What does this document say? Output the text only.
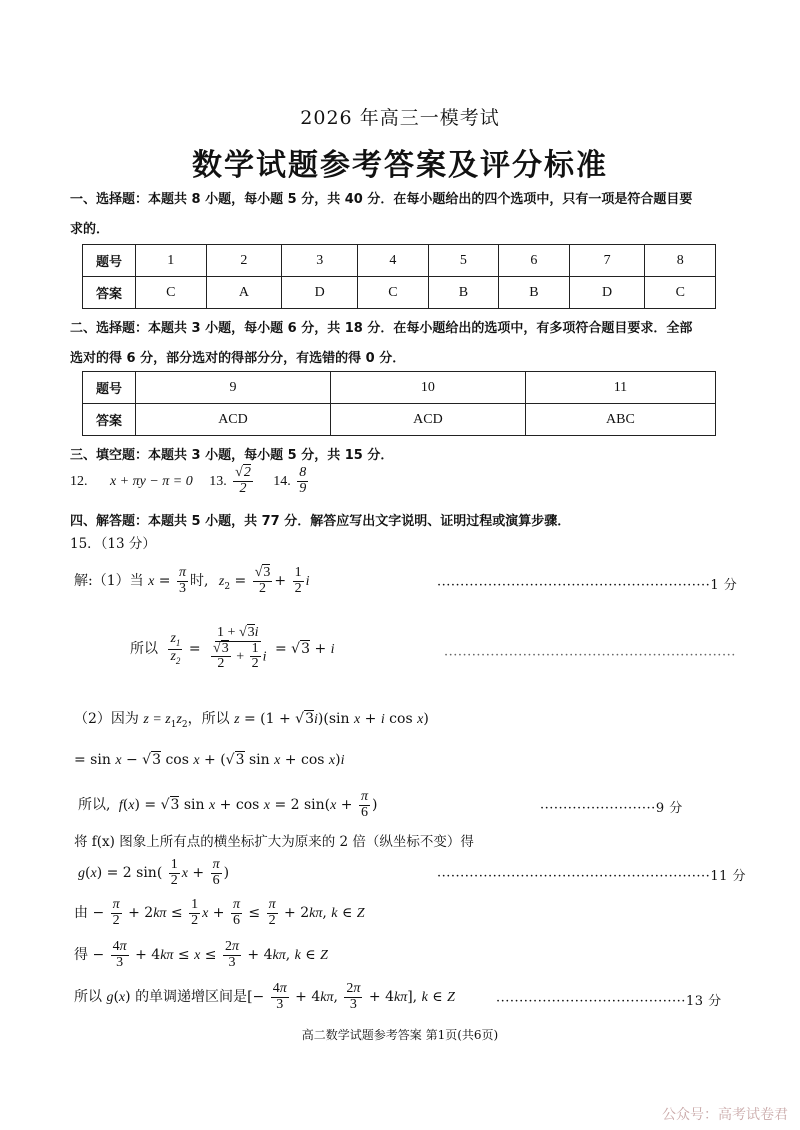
2026 年高三一模考试
数学试题参考答案及评分标准
一、选择题：本题共 8 小题，每小题 5 分，共 40 分．在每小题给出的四个选项中，只有一项是符合题目要
求的．
题号	1	2	3	4	5	6	7	8
答案	C	A	D	C	B	B	D	C
二、选择题：本题共 3 小题，每小题 6 分，共 18 分．在每小题给出的选项中，有多项符合题目要求．全部
选对的得 6 分，部分选对的得部分分，有选错的得 0 分．
题号	9	10	11
答案	ACD	ACD	ABC
三、填空题：本题共 3 小题，每小题 5 分，共 15 分．
12. x + πy − π = 0 13. $\frac{√2}{2} 14$. $\frac{8}{9}$
四、解答题：本题共 5 小题，共 77 分．解答应写出文字说明、证明过程或演算步骤．
15．（13 分）
解:（1）当 $x = \frac{\pi}{3}$ 时, $z_2 = \frac{√3}{2} + \frac{1}{2}$ i	···························································1 分
所以 $\frac{z_1}{z_2} = \frac{1 + √3i}{\frac{√3}{2} + \frac{1}{2} i} = √3 + i$	·······························································
（2）因为 $z = z_1z_2$，所以 z = (1 + √3i)(sin x + i cos x)
= sin x − √3 cos x + (√3 sin x + cos x)i
所以, f(x) = √3 sin x + cos x = 2 $\sin(x + \frac{\pi}{6}$ )	·························9 分
将 f(x) 图象上所有点的横坐标扩大为原来的 2 倍（纵坐标不变）得
g(x) = 2 $\sin( \frac{1}{2}$ $x + \frac{\pi}{6}$ )	···························································11 分
由 − $\frac{\pi}{2} + 2k\pi \le \frac{1}{2}$ $x + \frac{\pi}{6} \le \frac{\pi}{2} + 2k\pi$, k ∈ Z
得 − $\frac{4\pi}{3} + 4k\pi \le x \le \frac{2\pi}{3} + 4k\pi$, k ∈ Z
所以 g(x) 的单调递增区间是[− $\frac{4\pi}{3} + 4k\pi$, $\frac{2\pi}{3} + 4k\pi$], k ∈ Z	·········································13 分
高二数学试题参考答案 第1页(共6页)
公众号：高考试卷君
